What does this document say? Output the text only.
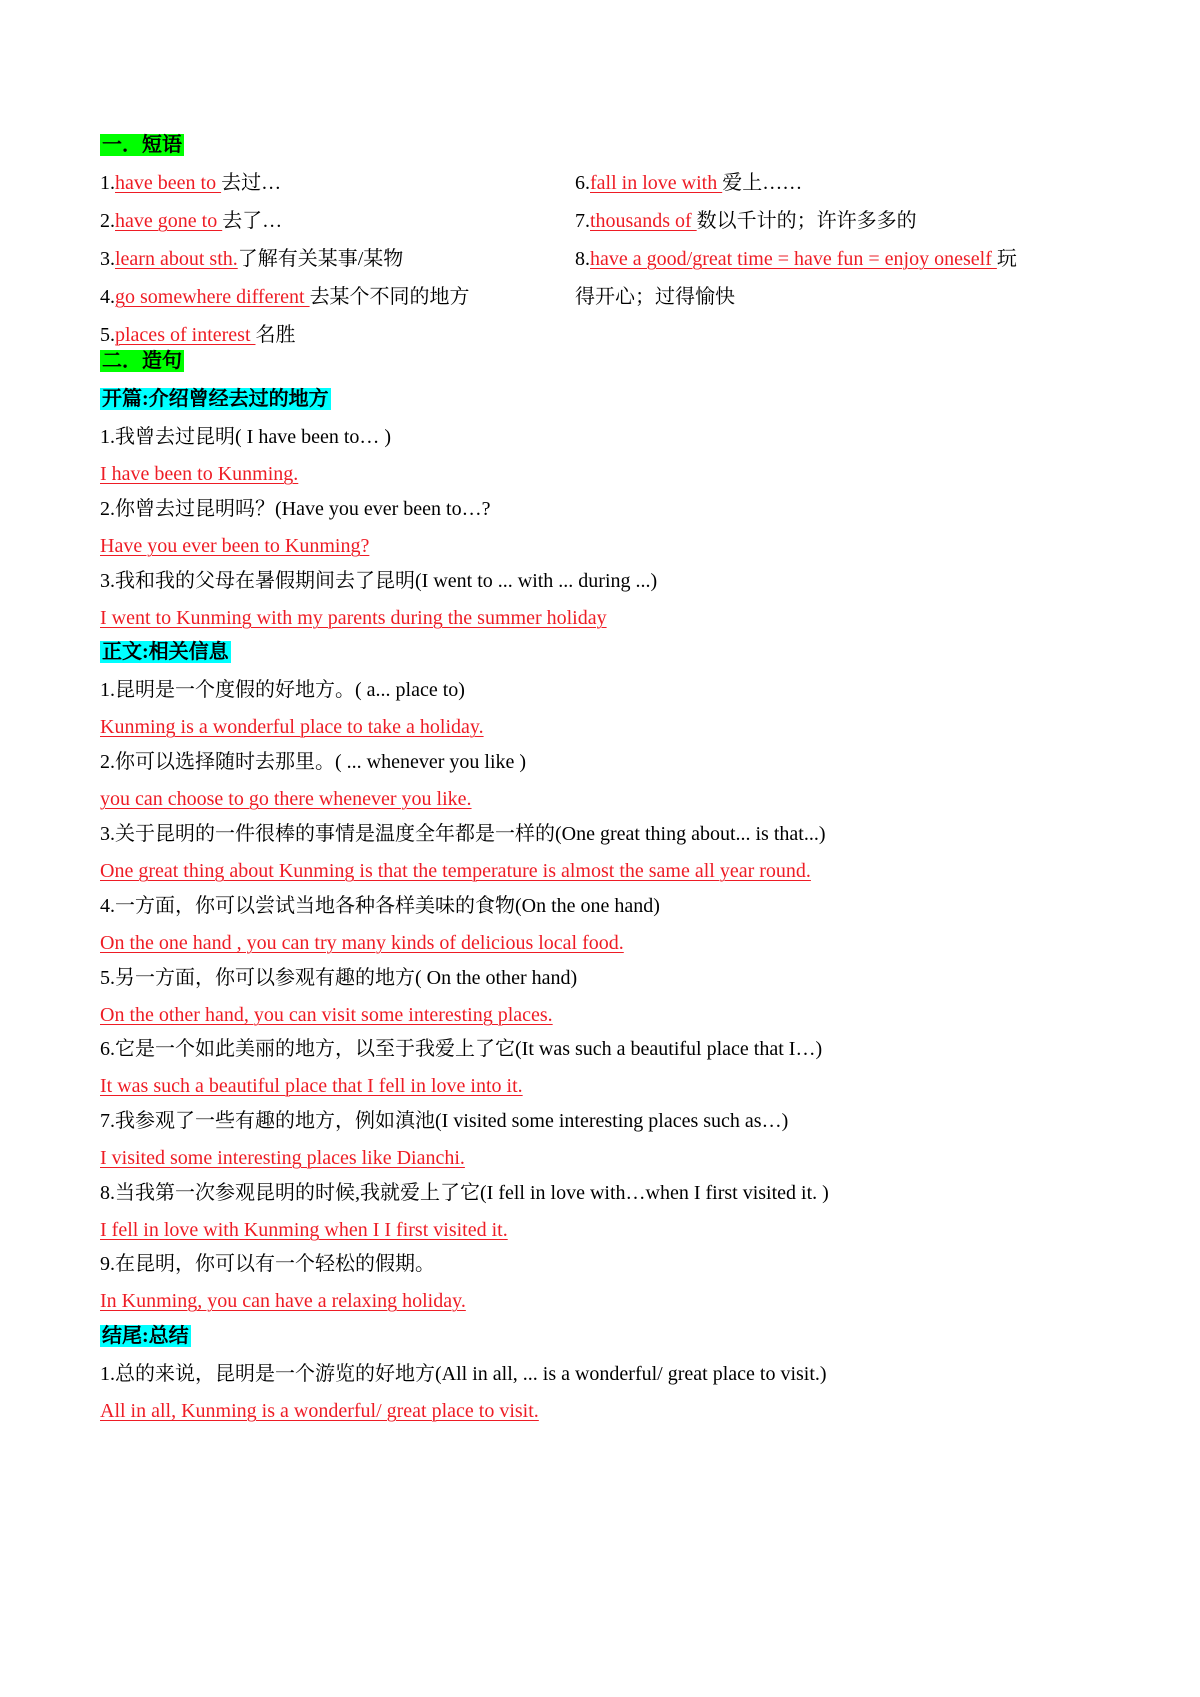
一．短语
1.have been to 去过…
2.have gone to 去了…
3.learn about sth.了解有关某事/某物
4.go somewhere different 去某个不同的地方
5.places of interest 名胜
6.fall in love with 爱上……
7.thousands of 数以千计的；许许多多的
8.have a good/great time = have fun = enjoy oneself 玩
得开心；过得愉快
二．造句
开篇:介绍曾经去过的地方
1.我曾去过昆明( I have been to… )
I have been to Kunming.
2.你曾去过昆明吗？(Have you ever been to…?
Have you ever been to Kunming?
3.我和我的父母在暑假期间去了昆明(I went to ... with ... during ...)
I went to Kunming with my parents during the summer holiday
正文:相关信息
1.昆明是一个度假的好地方。( a... place to)
Kunming is a wonderful place to take a holiday.
2.你可以选择随时去那里。( ... whenever you like )
you can choose to go there whenever you like.
3.关于昆明的一件很棒的事情是温度全年都是一样的(One great thing about... is that...)
One great thing about Kunming is that the temperature is almost the same all year round.
4.一方面，你可以尝试当地各种各样美味的食物(On the one hand)
On the one hand , you can try many kinds of delicious local food.
5.另一方面，你可以参观有趣的地方( On the other hand)
On the other hand, you can visit some interesting places.
6.它是一个如此美丽的地方，以至于我爱上了它(It was such a beautiful place that I…)
It was such a beautiful place that I fell in love into it.
7.我参观了一些有趣的地方，例如滇池(I visited some interesting places such as…)
I visited some interesting places like Dianchi.
8.当我第一次参观昆明的时候,我就爱上了它(I fell in love with…when I first visited it. )
I fell in love with Kunming when I I first visited it.
9.在昆明，你可以有一个轻松的假期。
In Kunming, you can have a relaxing holiday.
结尾:总结
1.总的来说，昆明是一个游览的好地方(All in all, ... is a wonderful/ great place to visit.)
All in all, Kunming is a wonderful/ great place to visit.
